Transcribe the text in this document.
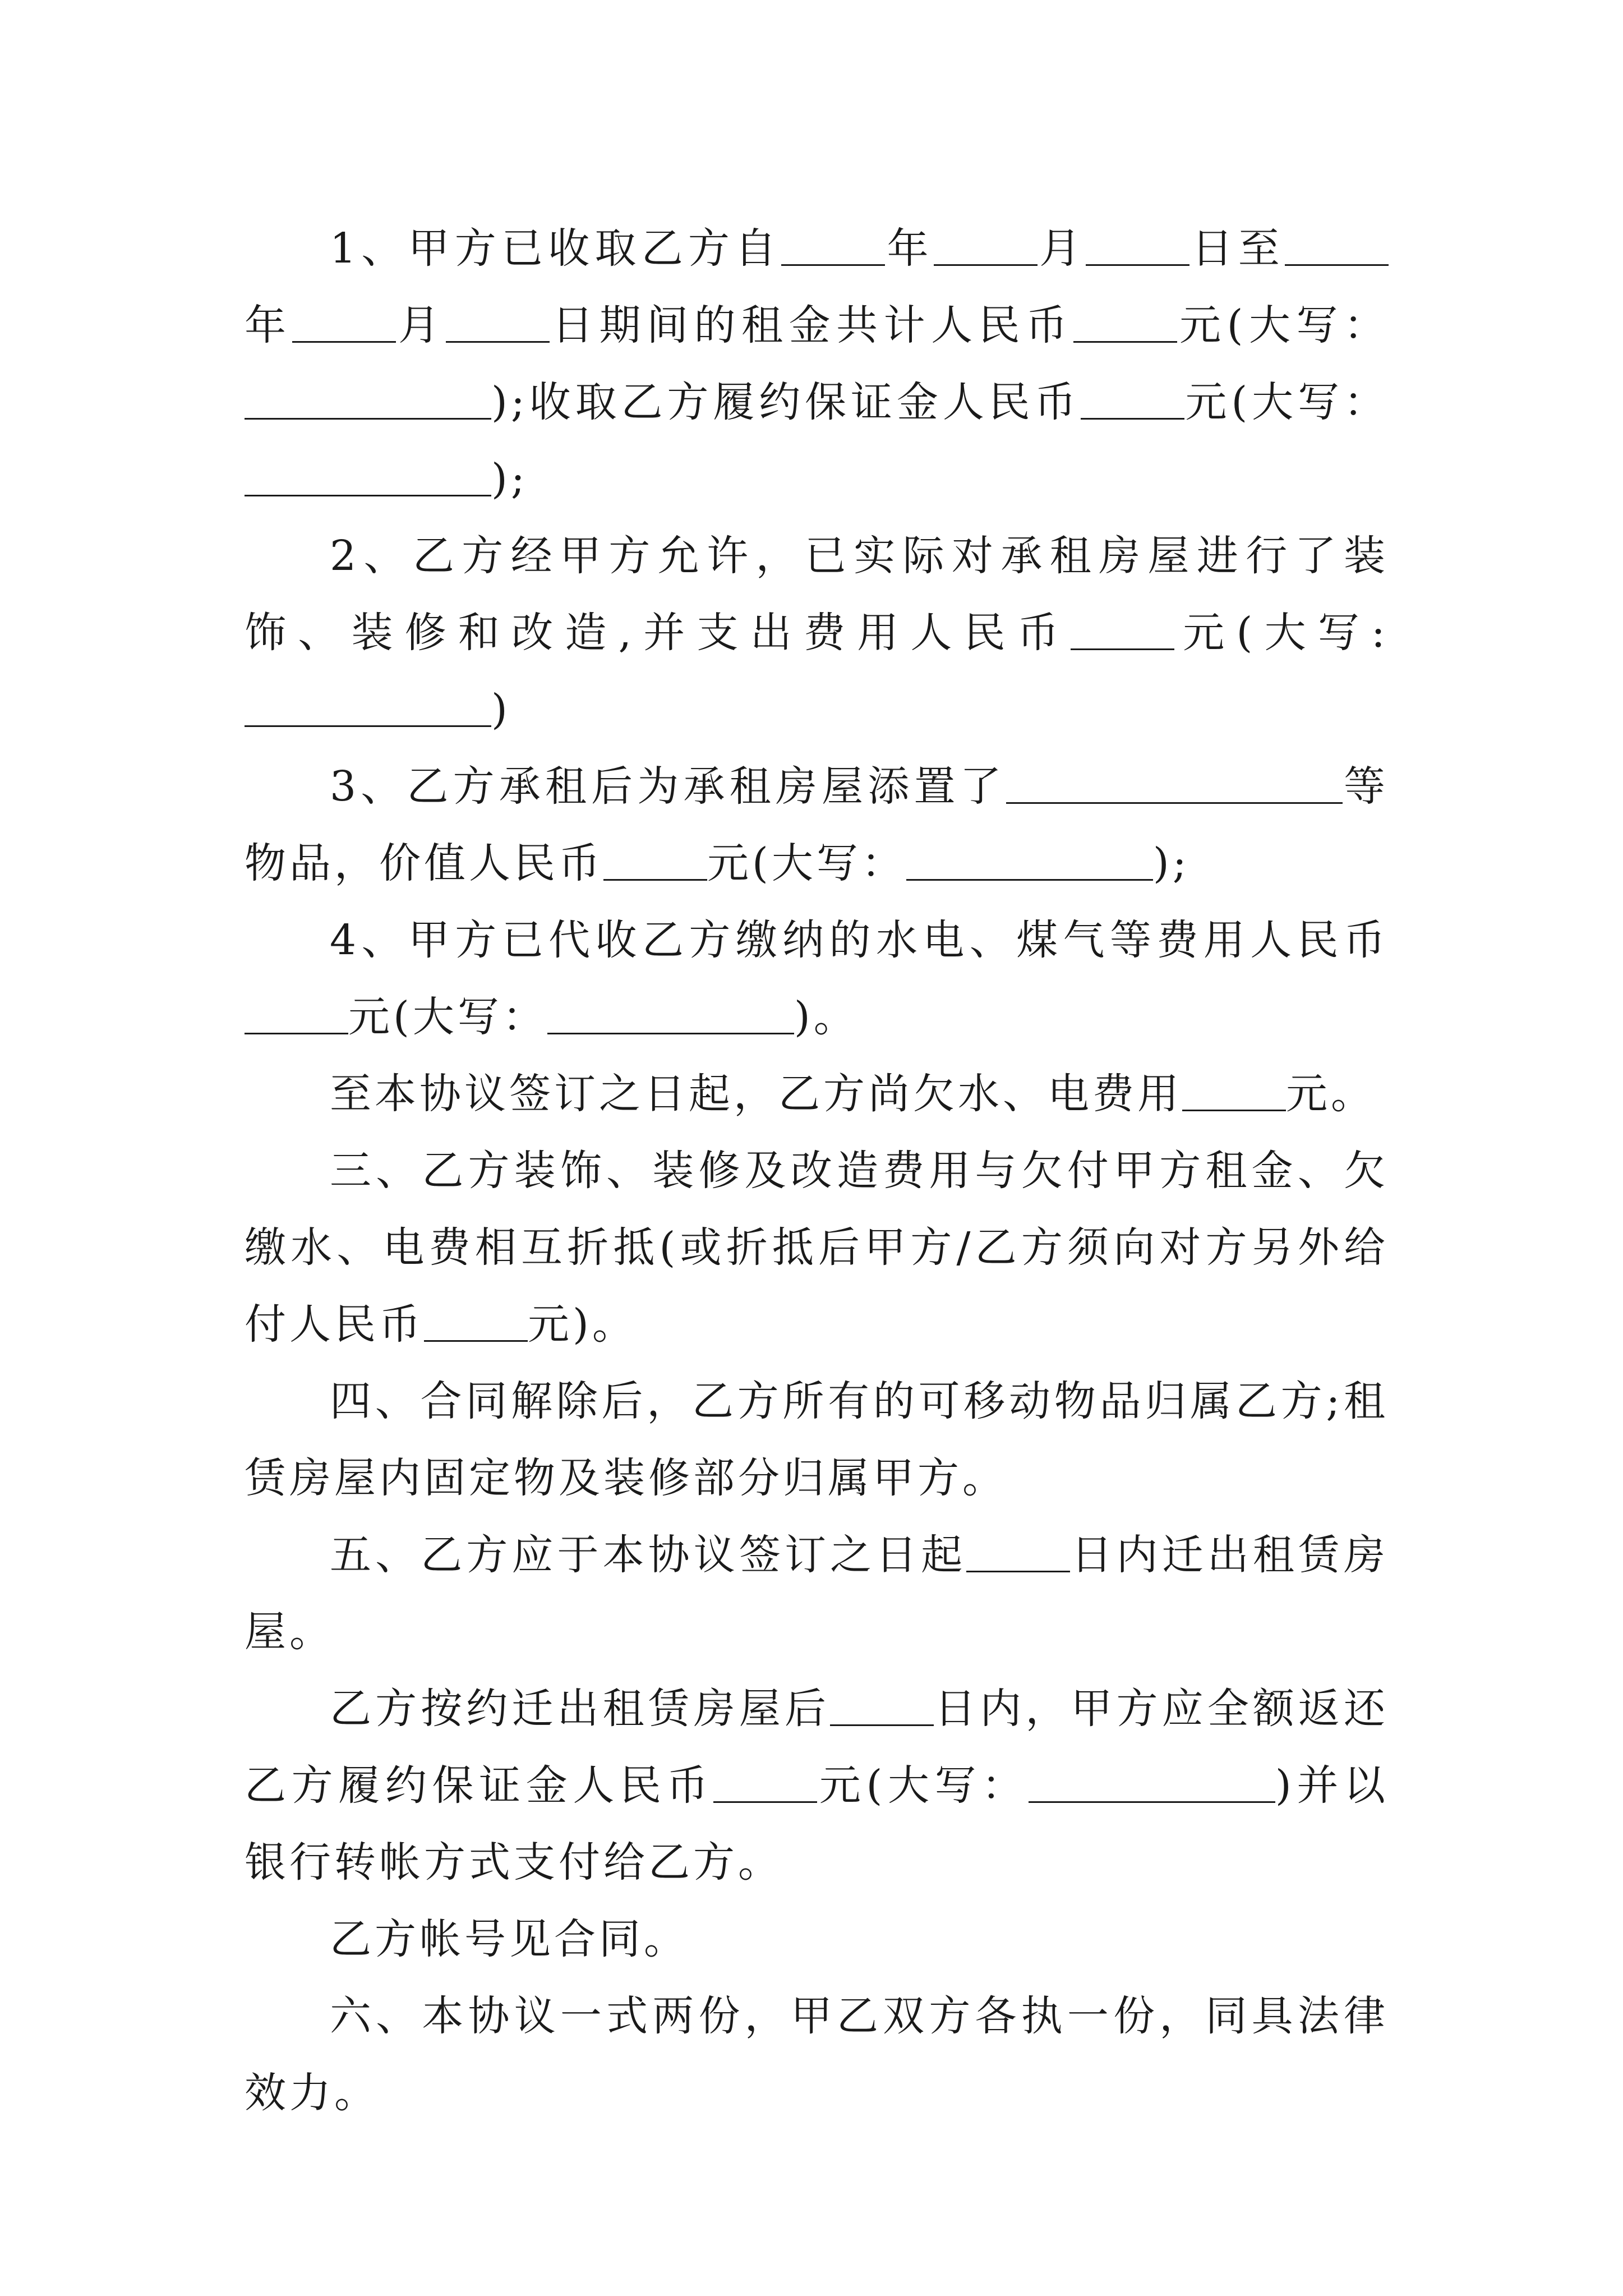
1、甲方已收取乙方自	年	月	日至年	月	日期间的租金共计人民币	元(大写：);收取乙方履约保证金人民币	元(大写：);

2、乙方经甲方允许，已实际对承租房屋进行了装饰、装修和改造,并支出费用人民币	元(大写:)

3、乙方承租后为承租房屋添置了	等物品，价值人民币	元(大写：	);

4、甲方已代收乙方缴纳的水电、煤气等费用人民币元(大写：	)。

至本协议签订之日起，乙方尚欠水、电费用	元。

三、乙方装饰、装修及改造费用与欠付甲方租金、欠缴水、电费相互折抵(或折抵后甲方/乙方须向对方另外给付人民币	元)。

四、合同解除后，乙方所有的可移动物品归属乙方;租赁房屋内固定物及装修部分归属甲方。

五、乙方应于本协议签订之日起	日内迁出租赁房屋。

乙方按约迁出租赁房屋后	日内，甲方应全额返还乙方履约保证金人民币	元(大写：	)并以银行转帐方式支付给乙方。

乙方帐号见合同。

六、本协议一式两份，甲乙双方各执一份，同具法律效力。
